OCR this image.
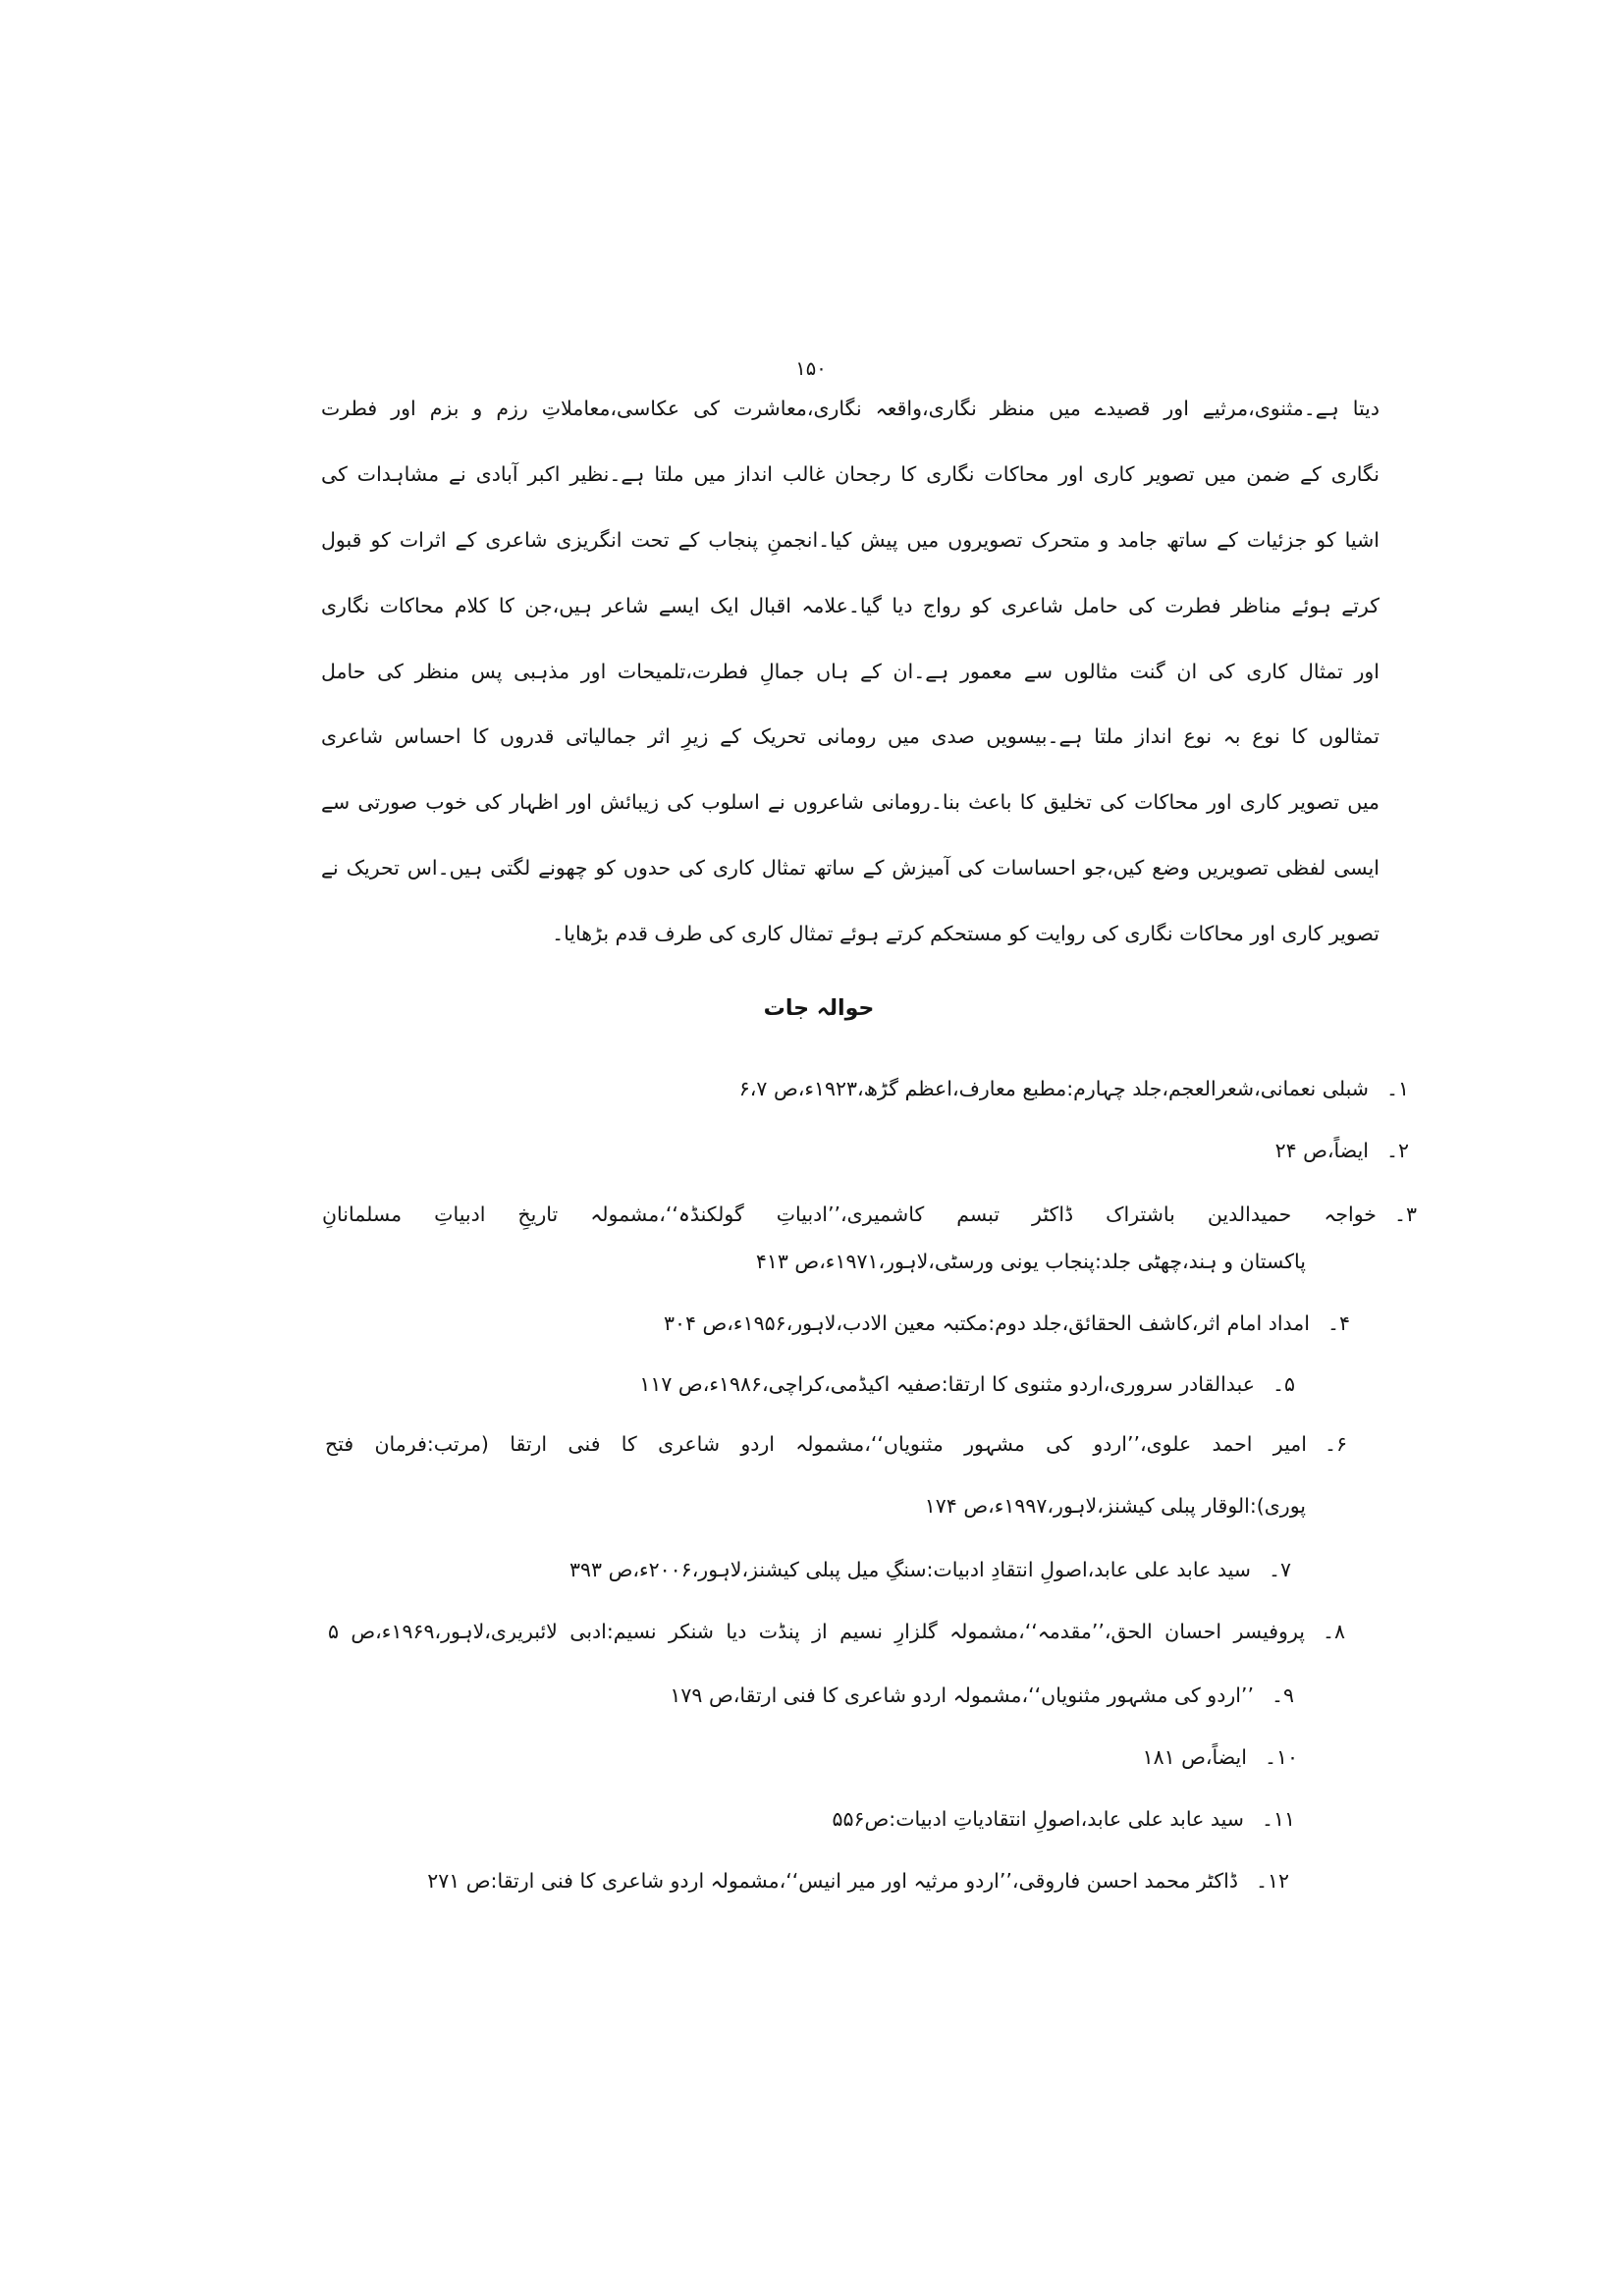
۱۵۰
دیتا ہے۔مثنوی،مرثیے اور قصیدے میں منظر نگاری،واقعہ نگاری،معاشرت کی عکاسی،معاملاتِ رزم و بزم اور فطرت
نگاری کے ضمن میں تصویر کاری اور محاکات نگاری کا رجحان غالب انداز میں ملتا ہے۔نظیر اکبر آبادی نے مشاہدات کی
اشیا کو جزئیات کے ساتھ جامد و متحرک تصویروں میں پیش کیا۔انجمنِ پنجاب کے تحت انگریزی شاعری کے اثرات کو قبول
کرتے ہوئے مناظر فطرت کی حامل شاعری کو رواج دیا گیا۔علامہ اقبال ایک ایسے شاعر ہیں،جن کا کلام محاکات نگاری
اور تمثال کاری کی ان گنت مثالوں سے معمور ہے۔ان کے ہاں جمالِ فطرت،تلمیحات اور مذہبی پس منظر کی حامل
تمثالوں کا نوع بہ نوع انداز ملتا ہے۔بیسویں صدی میں رومانی تحریک کے زیرِ اثر جمالیاتی قدروں کا احساس شاعری
میں تصویر کاری اور محاکات کی تخلیق کا باعث بنا۔رومانی شاعروں نے اسلوب کی زیبائش اور اظہار کی خوب صورتی سے
ایسی لفظی تصویریں وضع کیں،جو احساسات کی آمیزش کے ساتھ تمثال کاری کی حدوں کو چھونے لگتی ہیں۔اس تحریک نے
تصویر کاری اور محاکات نگاری کی روایت کو مستحکم کرتے ہوئے تمثال کاری کی طرف قدم بڑھایا۔
حوالہ جات
۱۔
شبلی نعمانی،شعرالعجم،جلد چہارم:مطبع معارف،اعظم گڑھ،۱۹۲۳ء،ص ۶،۷
۲۔
ایضاً،ص ۲۴
۳۔
خواجہ حمیدالدین باشتراک ڈاکٹر تبسم کاشمیری،’’ادبیاتِ گولکنڈہ‘‘،مشمولہ تاریخِ ادبیاتِ مسلمانانِ
پاکستان و ہند،چھٹی جلد:پنجاب یونی ورسٹی،لاہور،۱۹۷۱ء،ص ۴۱۳
۴۔
امداد امام اثر،کاشف الحقائق،جلد دوم:مکتبہ معین الادب،لاہور،۱۹۵۶ء،ص ۳۰۴
۵۔
عبدالقادر سروری،اردو مثنوی کا ارتقا:صفیہ اکیڈمی،کراچی،۱۹۸۶ء،ص ۱۱۷
۶۔
امیر احمد علوی،’’اردو کی مشہور مثنویاں‘‘،مشمولہ اردو شاعری کا فنی ارتقا (مرتب:فرمان فتح
پوری):الوقار پبلی کیشنز،لاہور،۱۹۹۷ء،ص ۱۷۴
۷۔
سید عابد علی عابد،اصولِ انتقادِ ادبیات:سنگِ میل پبلی کیشنز،لاہور،۲۰۰۶ء،ص ۳۹۳
۸۔
پروفیسر احسان الحق،’’مقدمہ‘‘،مشمولہ گلزارِ نسیم از پنڈت دیا شنکر نسیم:ادبی لائبریری،لاہور،۱۹۶۹ء،ص ۵
۹۔
’’اردو کی مشہور مثنویاں‘‘،مشمولہ اردو شاعری کا فنی ارتقا،ص ۱۷۹
۱۰۔
ایضاً،ص ۱۸۱
۱۱۔
سید عابد علی عابد،اصولِ انتقادیاتِ ادبیات:ص۵۵۶
۱۲۔
ڈاکٹر محمد احسن فاروقی،’’اردو مرثیہ اور میر انیس‘‘،مشمولہ اردو شاعری کا فنی ارتقا:ص ۲۷۱
